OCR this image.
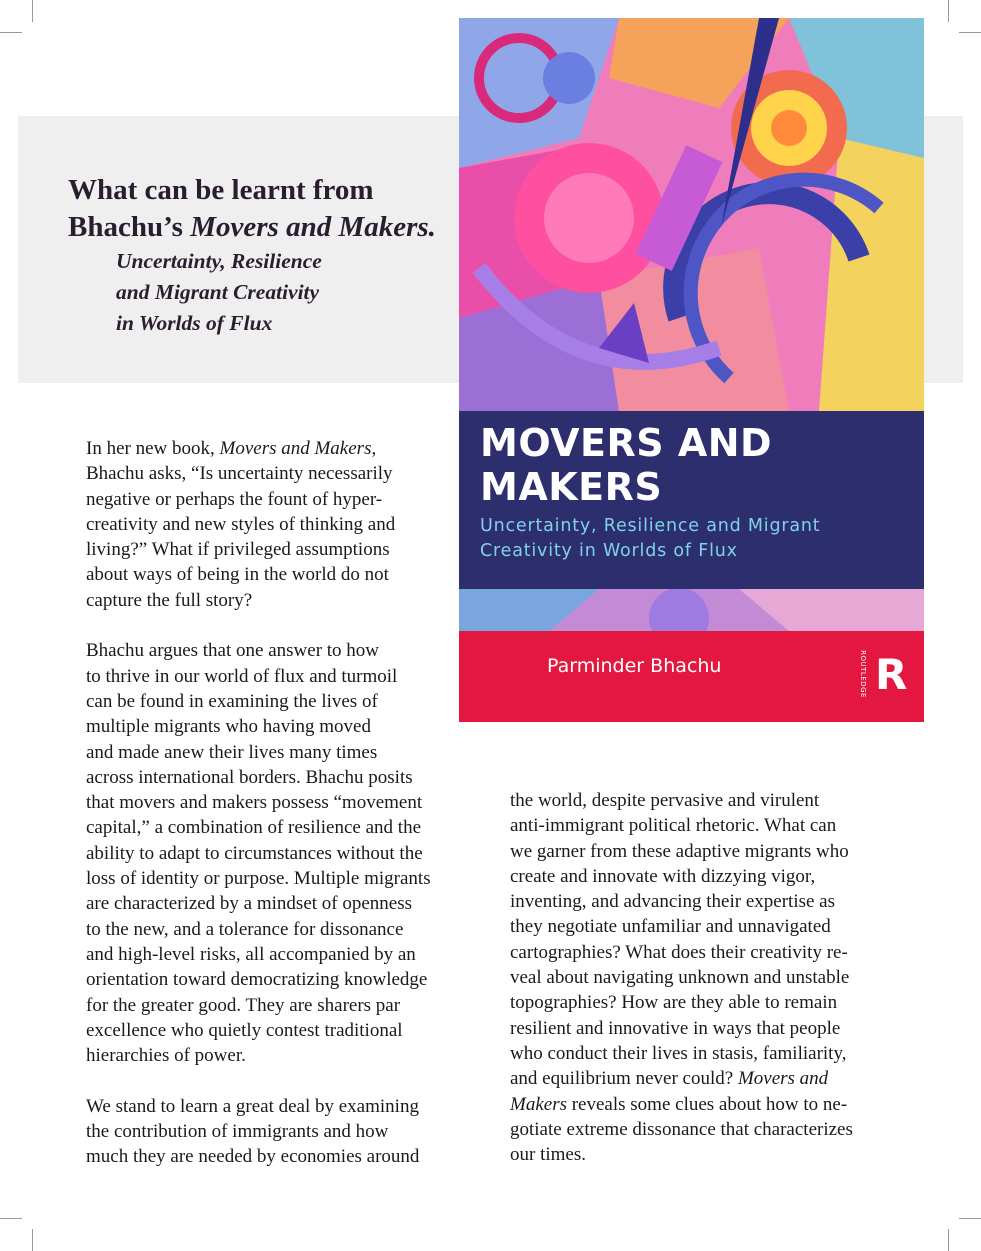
What can be learnt from
Bhachu’s Movers and Makers.
Uncertainty, Resilience
and Migrant Creativity
in Worlds of Flux
MOVERS AND
MAKERS
Uncertainty, Resilience and Migrant
Creativity in Worlds of Flux
Parminder Bhachu	ROUTLEDGE R

In her new book, Movers and Makers,
Bhachu asks, “Is uncertainty necessarily
negative or perhaps the fount of hyper-
creativity and new styles of thinking and
living?” What if privileged assumptions
about ways of being in the world do not
capture the full story?

Bhachu argues that one answer to how
to thrive in our world of flux and turmoil
can be found in examining the lives of
multiple migrants who having moved
and made anew their lives many times
across international borders. Bhachu posits
that movers and makers possess “movement
capital,” a combination of resilience and the
ability to adapt to circumstances without the
loss of identity or purpose. Multiple migrants
are characterized by a mindset of openness
to the new, and a tolerance for dissonance
and high-level risks, all accompanied by an
orientation toward democratizing knowledge
for the greater good. They are sharers par
excellence who quietly contest traditional
hierarchies of power.

We stand to learn a great deal by examining
the contribution of immigrants and how
much they are needed by economies around

the world, despite pervasive and virulent
anti-immigrant political rhetoric. What can
we garner from these adaptive migrants who
create and innovate with dizzying vigor,
inventing, and advancing their expertise as
they negotiate unfamiliar and unnavigated
cartographies? What does their creativity re-
veal about navigating unknown and unstable
topographies? How are they able to remain
resilient and innovative in ways that people
who conduct their lives in stasis, familiarity,
and equilibrium never could? Movers and
Makers reveals some clues about how to ne-
gotiate extreme dissonance that characterizes
our times.
